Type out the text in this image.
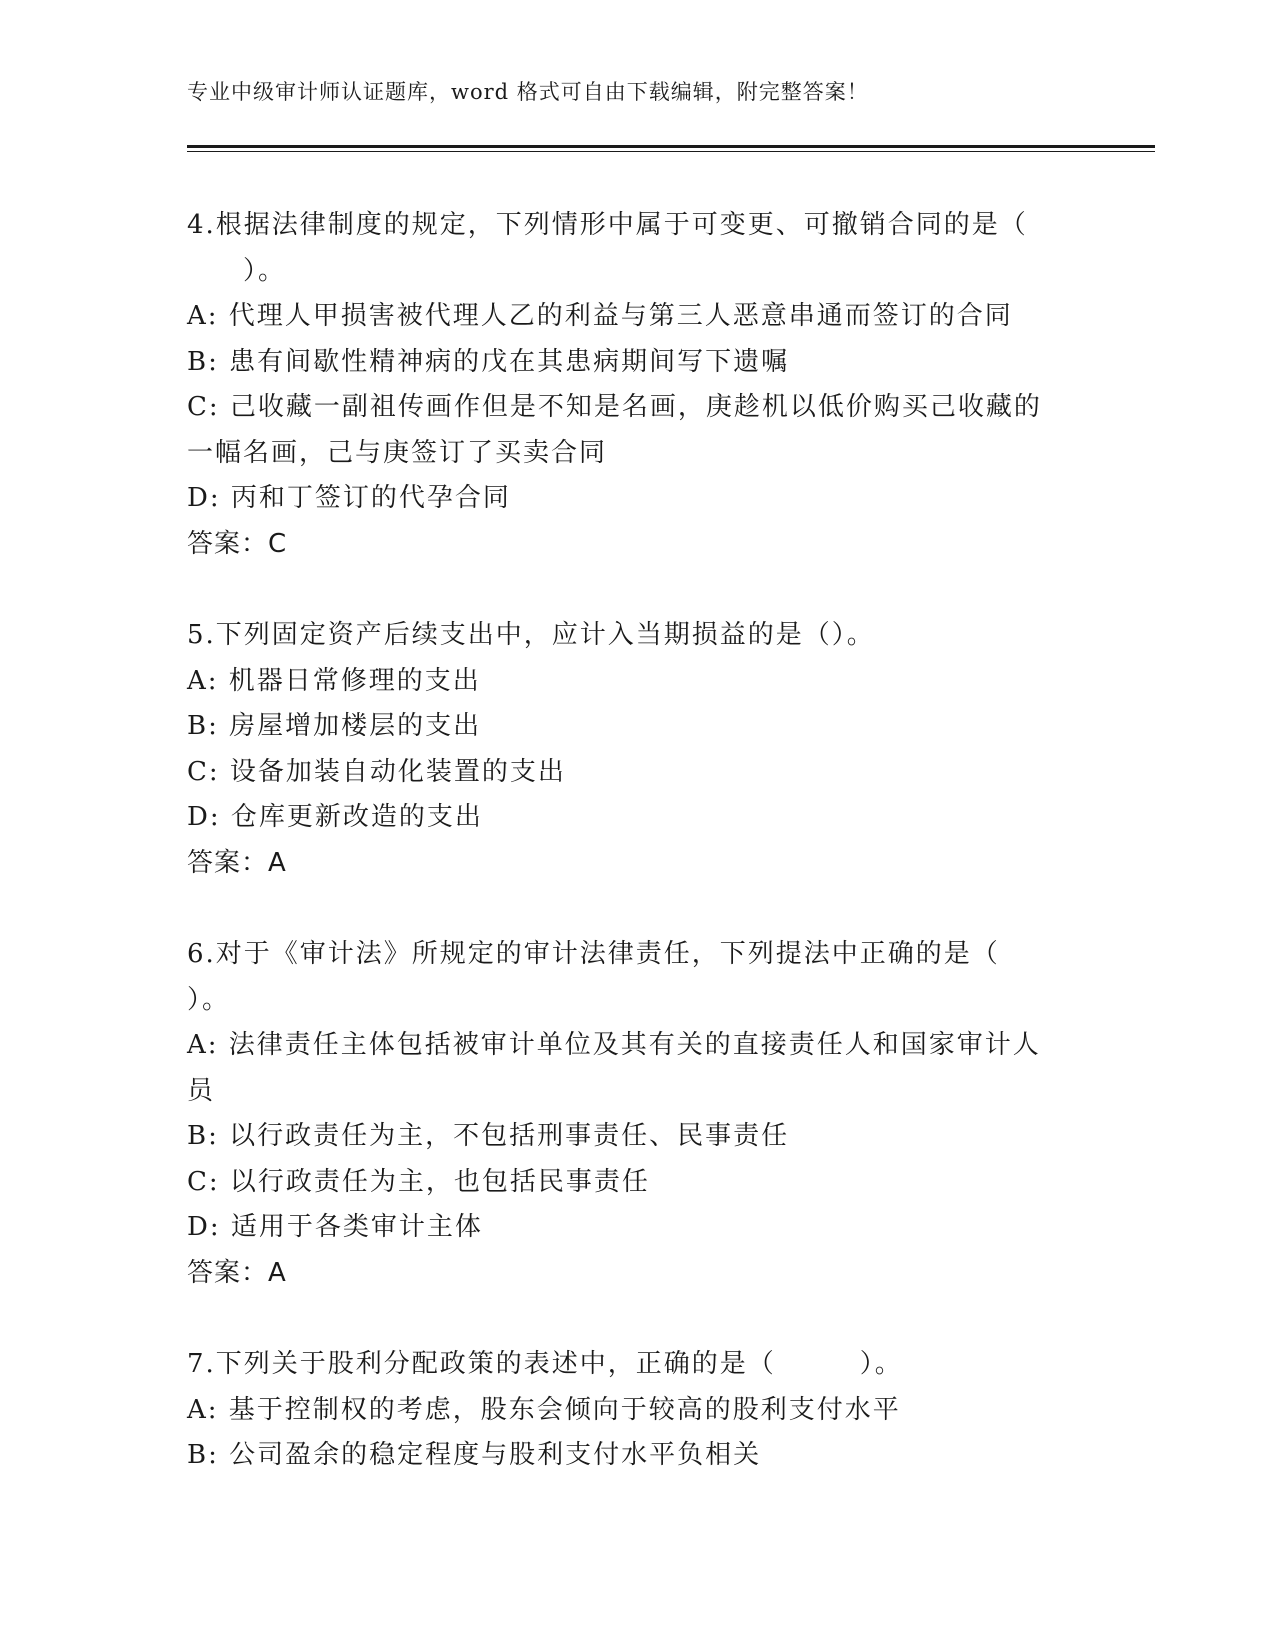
专业中级审计师认证题库，word 格式可自由下载编辑，附完整答案！
4.根据法律制度的规定，下列情形中属于可变更、可撤销合同的是（
　　）。
A: 代理人甲损害被代理人乙的利益与第三人恶意串通而签订的合同
B: 患有间歇性精神病的戊在其患病期间写下遗嘱
C: 己收藏一副祖传画作但是不知是名画，庚趁机以低价购买己收藏的
一幅名画，己与庚签订了买卖合同
D: 丙和丁签订的代孕合同
答案：C
5.下列固定资产后续支出中，应计入当期损益的是（）。
A: 机器日常修理的支出
B: 房屋增加楼层的支出
C: 设备加装自动化装置的支出
D: 仓库更新改造的支出
答案：A
6.对于《审计法》所规定的审计法律责任，下列提法中正确的是（
）。
A: 法律责任主体包括被审计单位及其有关的直接责任人和国家审计人
员
B: 以行政责任为主，不包括刑事责任、民事责任
C: 以行政责任为主，也包括民事责任
D: 适用于各类审计主体
答案：A
7.下列关于股利分配政策的表述中，正确的是（　　　）。
A: 基于控制权的考虑，股东会倾向于较高的股利支付水平
B: 公司盈余的稳定程度与股利支付水平负相关
